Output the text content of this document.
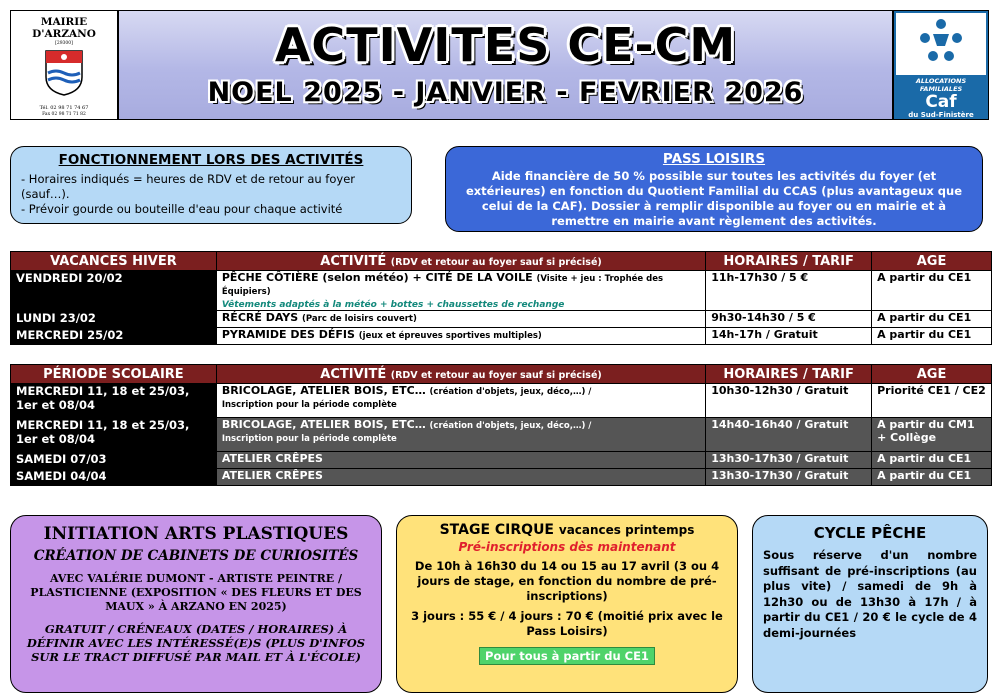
MAIRIE D'ARZANO
[29300]
Tél. 02 98 71 74 67
Fax 02 98 71 71 82
ACTIVITES CE-CM
NOEL 2025 - JANVIER - FEVRIER 2026	ALLOCATIONS FAMILIALES
Caf
du Sud-Finistère
FONCTIONNEMENT LORS DES ACTIVITÉS

- Horaires indiqués = heures de RDV et de retour au foyer (sauf…).

- Prévoir gourde ou bouteille d'eau pour chaque activité

PASS LOISIRS

Aide financière de 50 % possible sur toutes les activités du foyer (et extérieures) en fonction du Quotient Familial du CCAS (plus avantageux que celui de la CAF). Dossier à remplir disponible au foyer ou en mairie et à remettre en mairie avant règlement des activités.

VACANCES HIVER	ACTIVITÉ (RDV et retour au foyer sauf si précisé)	HORAIRES / TARIF	AGE
VENDREDI 20/02	PÊCHE CÔTIÈRE (selon météo) + CITÉ DE LA VOILE (Visite + jeu : Trophée des Équipiers)
Vêtements adaptés à la météo + bottes + chaussettes de rechange	11h-17h30 / 5 €	A partir du CE1
LUNDI 23/02	RÉCRÉ DAYS (Parc de loisirs couvert)	9h30-14h30 / 5 €	A partir du CE1
MERCREDI 25/02	PYRAMIDE DES DÉFIS (jeux et épreuves sportives multiples)	14h-17h / Gratuit	A partir du CE1
PÉRIODE SCOLAIRE	ACTIVITÉ (RDV et retour au foyer sauf si précisé)	HORAIRES / TARIF	AGE
MERCREDI 11, 18 et 25/03, 1er et 08/04	BRICOLAGE, ATELIER BOIS, ETC… (création d'objets, jeux, déco,…) /
Inscription pour la période complète	10h30-12h30 / Gratuit	Priorité CE1 / CE2
MERCREDI 11, 18 et 25/03, 1er et 08/04	BRICOLAGE, ATELIER BOIS, ETC… (création d'objets, jeux, déco,…) /
Inscription pour la période complète	14h40-16h40 / Gratuit	A partir du CM1 + Collège
SAMEDI 07/03	ATELIER CRÊPES	13h30-17h30 / Gratuit	A partir du CE1
SAMEDI 04/04	ATELIER CRÊPES	13h30-17h30 / Gratuit	A partir du CE1
INITIATION ARTS PLASTIQUES
CRÉATION DE CABINETS DE CURIOSITÉS
AVEC VALÉRIE DUMONT - ARTISTE PEINTRE / PLASTICIENNE (EXPOSITION « DES FLEURS ET DES MAUX » À ARZANO EN 2025)
GRATUIT / CRÉNEAUX (DATES / HORAIRES) À DÉFINIR AVEC LES INTÉRESSÉ(E)S (PLUS D'INFOS SUR LE TRACT DIFFUSÉ PAR MAIL ET À L'ÉCOLE)
STAGE CIRQUE vacances printemps
Pré-inscriptions dès maintenant

De 10h à 16h30 du 14 ou 15 au 17 avril (3 ou 4 jours de stage, en fonction du nombre de pré-inscriptions)

3 jours : 55 € / 4 jours : 70 € (moitié prix avec le Pass Loisirs)

Pour tous à partir du CE1
CYCLE PÊCHE

Sous réserve d'un nombre suffisant de pré-inscriptions (au plus vite) / samedi de 9h à 12h30 ou de 13h30 à 17h / à partir du CE1 / 20 € le cycle de 4 demi-journées
